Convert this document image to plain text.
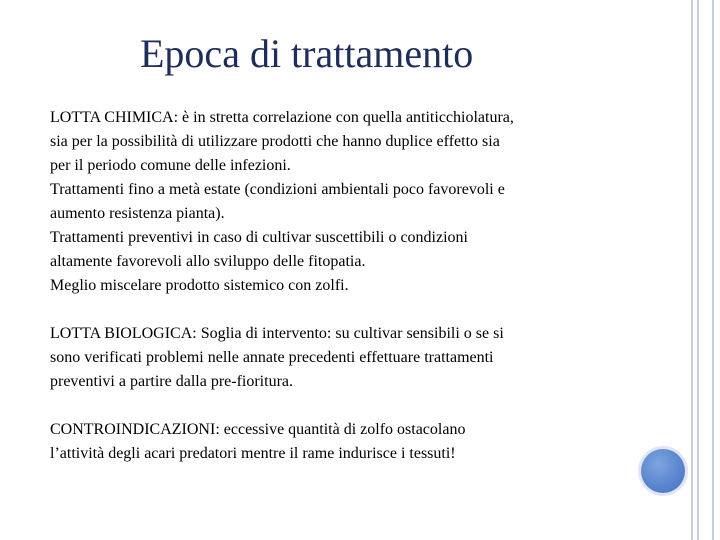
Epoca di trattamento
LOTTA CHIMICA: è in stretta correlazione con quella antiticchiolatura,
sia per la possibilità di utilizzare prodotti che hanno duplice effetto sia
per il periodo comune delle infezioni.
Trattamenti fino a metà estate (condizioni ambientali poco favorevoli e
aumento resistenza pianta).
Trattamenti preventivi in caso di cultivar suscettibili o condizioni
altamente favorevoli allo sviluppo delle fitopatia.
Meglio miscelare prodotto sistemico con zolfi.
LOTTA BIOLOGICA: Soglia di intervento: su cultivar sensibili o se si
sono verificati problemi nelle annate precedenti effettuare trattamenti
preventivi a partire dalla pre-fioritura.
CONTROINDICAZIONI: eccessive quantità di zolfo ostacolano
l’attività degli acari predatori mentre il rame indurisce i tessuti!
